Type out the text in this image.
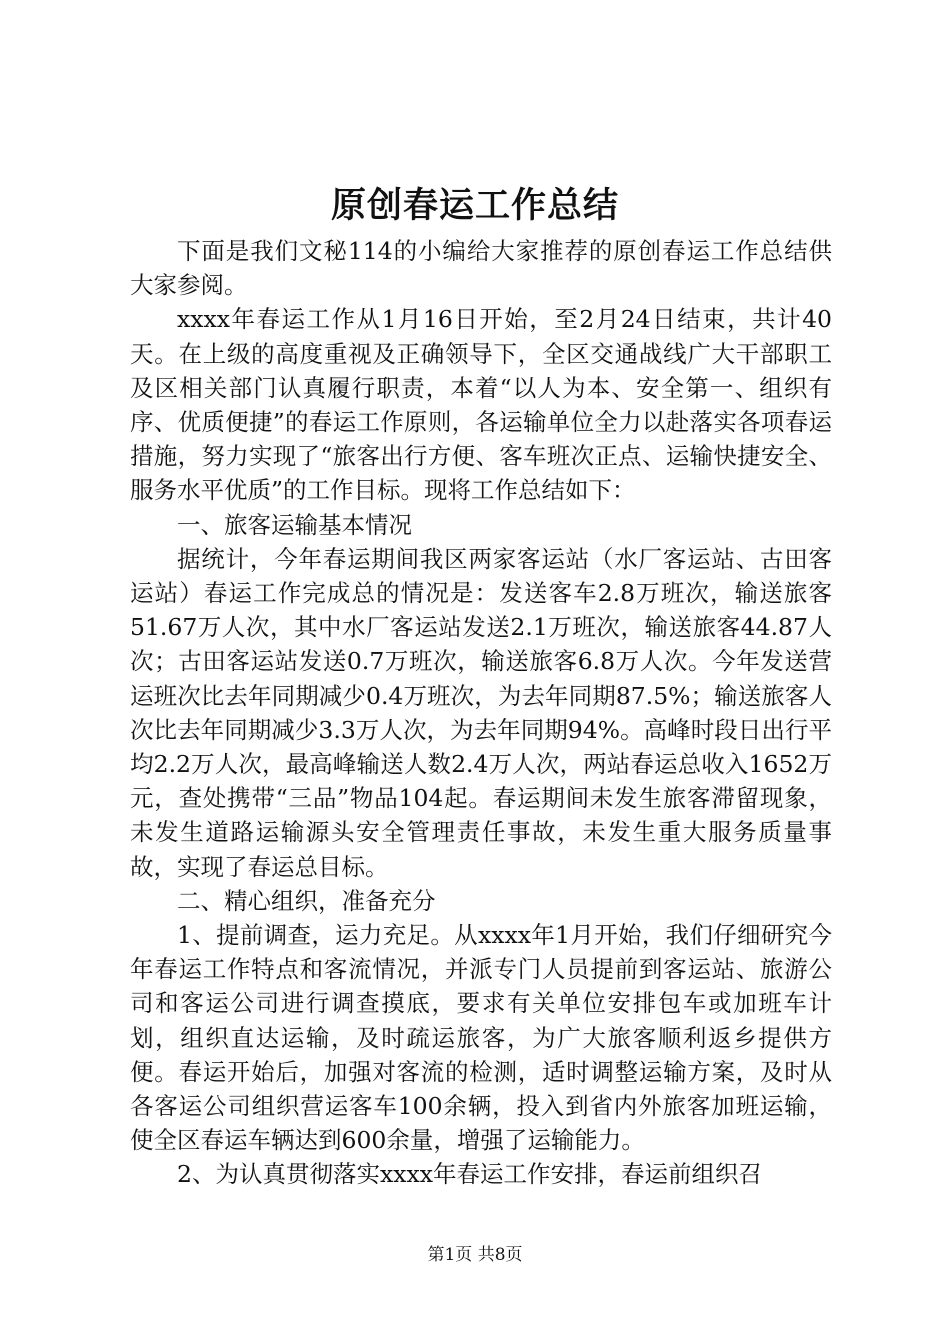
原创春运工作总结

下面是我们文秘114的小编给大家推荐的原创春运工作总结供大家参阅。

xxxx年春运工作从1月16日开始，至2月24日结束，共计40天。在上级的高度重视及正确领导下，全区交通战线广大干部职工及区相关部门认真履行职责，本着“以人为本、安全第一、组织有序、优质便捷”的春运工作原则，各运输单位全力以赴落实各项春运措施，努力实现了“旅客出行方便、客车班次正点、运输快捷安全、服务水平优质”的工作目标。现将工作总结如下：

一、旅客运输基本情况

据统计，今年春运期间我区两家客运站（水厂客运站、古田客运站）春运工作完成总的情况是：发送客车2.8万班次，输送旅客51.67万人次，其中水厂客运站发送2.1万班次，输送旅客44.87人次；古田客运站发送0.7万班次，输送旅客6.8万人次。今年发送营运班次比去年同期减少0.4万班次，为去年同期87.5%；输送旅客人次比去年同期减少3.3万人次，为去年同期94%。高峰时段日出行平均2.2万人次，最高峰输送人数2.4万人次，两站春运总收入1652万元，查处携带“三品”物品104起。春运期间未发生旅客滞留现象，未发生道路运输源头安全管理责任事故，未发生重大服务质量事故，实现了春运总目标。

二、精心组织，准备充分

1、提前调查，运力充足。从xxxx年1月开始，我们仔细研究今年春运工作特点和客流情况，并派专门人员提前到客运站、旅游公司和客运公司进行调查摸底，要求有关单位安排包车或加班车计划，组织直达运输，及时疏运旅客，为广大旅客顺利返乡提供方便。春运开始后，加强对客流的检测，适时调整运输方案，及时从各客运公司组织营运客车100余辆，投入到省内外旅客加班运输，使全区春运车辆达到600余量，增强了运输能力。

2、为认真贯彻落实xxxx年春运工作安排，春运前组织召

第1页 共8页
